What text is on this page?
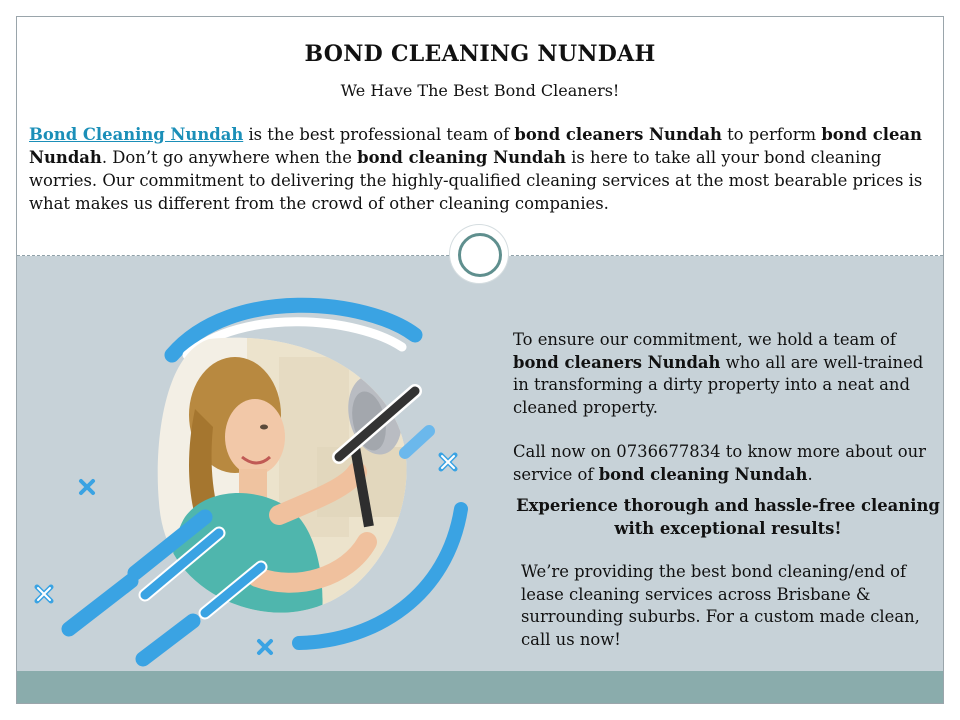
BOND CLEANING NUNDAH
We Have The Best Bond Cleaners!

Bond Cleaning Nundah is the best professional team of bond cleaners Nundah to perform bond clean Nundah. Don’t go anywhere when the bond cleaning Nundah is here to take all your bond cleaning worries. Our commitment to delivering the highly-qualified cleaning services at the most bearable prices is what makes us different from the crowd of other cleaning companies.

To ensure our commitment, we hold a team of bond cleaners Nundah who all are well-trained in transforming a dirty property into a neat and cleaned property.

Call now on 0736677834 to know more about our service of bond cleaning Nundah.

Experience thorough and hassle-free cleaning with exceptional results!

We’re providing the best bond cleaning/end of lease cleaning services across Brisbane & surrounding suburbs. For a custom made clean, call us now!
